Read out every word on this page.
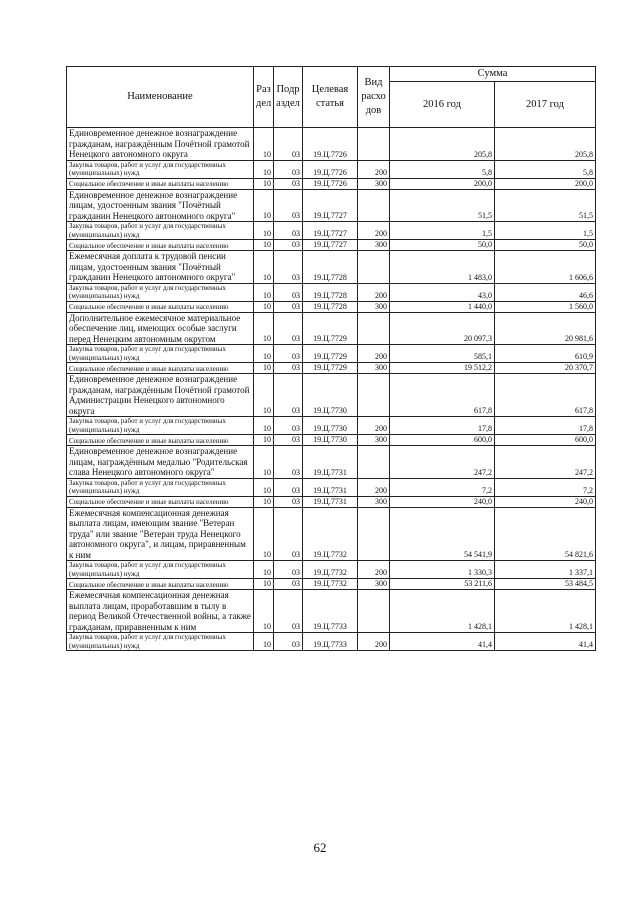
Наименование	Раз дел	Подр аздел	Целевая статья	Вид расхо дов	Сумма	
					2016 год	2017 год
Единовременное денежное вознаграждение гражданам, награждённым Почётной грамотой Ненецкого автономного округа	10	03	19.Ц.7726		205,8	205,8
Закупка товаров, работ и услуг для государственных (муниципальных) нужд	10	03	19.Ц.7726	200	5,8	5,8
Социальное обеспечение и иные выплаты населению	10	03	19.Ц.7726	300	200,0	200,0
Единовременное денежное вознаграждение лицам, удостоенным звания "Почётный гражданин Ненецкого автономного округа"	10	03	19.Ц.7727		51,5	51,5
Закупка товаров, работ и услуг для государственных (муниципальных) нужд	10	03	19.Ц.7727	200	1,5	1,5
Социальное обеспечение и иные выплаты населению	10	03	19.Ц.7727	300	50,0	50,0
Ежемесячная доплата к трудовой пенсии лицам, удостоенным звания "Почётный гражданин Ненецкого автономного округа"	10	03	19.Ц.7728		1 483,0	1 606,6
Закупка товаров, работ и услуг для государственных (муниципальных) нужд	10	03	19.Ц.7728	200	43,0	46,6
Социальное обеспечение и иные выплаты населению	10	03	19.Ц.7728	300	1 440,0	1 560,0
Дополнительное ежемесячное материальное обеспечение лиц, имеющих особые заслуги перед Ненецким автономным округом	10	03	19.Ц.7729		20 097,3	20 981,6
Закупка товаров, работ и услуг для государственных (муниципальных) нужд	10	03	19.Ц.7729	200	585,1	610,9
Социальное обеспечение и иные выплаты населению	10	03	19.Ц.7729	300	19 512,2	20 370,7
Единовременное денежное вознаграждение гражданам, награждённым Почётной грамотой Администрации Ненецкого автономного округа	10	03	19.Ц.7730		617,8	617,8
Закупка товаров, работ и услуг для государственных (муниципальных) нужд	10	03	19.Ц.7730	200	17,8	17,8
Социальное обеспечение и иные выплаты населению	10	03	19.Ц.7730	300	600,0	600,0
Единовременное денежное вознаграждение лицам, награждённым медалью "Родительская слава Ненецкого автономного округа"	10	03	19.Ц.7731		247,2	247,2
Закупка товаров, работ и услуг для государственных (муниципальных) нужд	10	03	19.Ц.7731	200	7,2	7,2
Социальное обеспечение и иные выплаты населению	10	03	19.Ц.7731	300	240,0	240,0
Ежемесячная компенсационная денежная выплата лицам, имеющим звание "Ветеран труда" или звание "Ветеран труда Ненецкого автономного округа", и лицам, приравненным к ним	10	03	19.Ц.7732		54 541,9	54 821,6
Закупка товаров, работ и услуг для государственных (муниципальных) нужд	10	03	19.Ц.7732	200	1 330,3	1 337,1
Социальное обеспечение и иные выплаты населению	10	03	19.Ц.7732	300	53 211,6	53 484,5
Ежемесячная компенсационная денежная выплата лицам, проработавшим в тылу в период Великой Отечественной войны, а также гражданам, приравненным к ним	10	03	19.Ц.7733		1 428,1	1 428,1
Закупка товаров, работ и услуг для государственных (муниципальных) нужд	10	03	19.Ц.7733	200	41,4	41,4
62
